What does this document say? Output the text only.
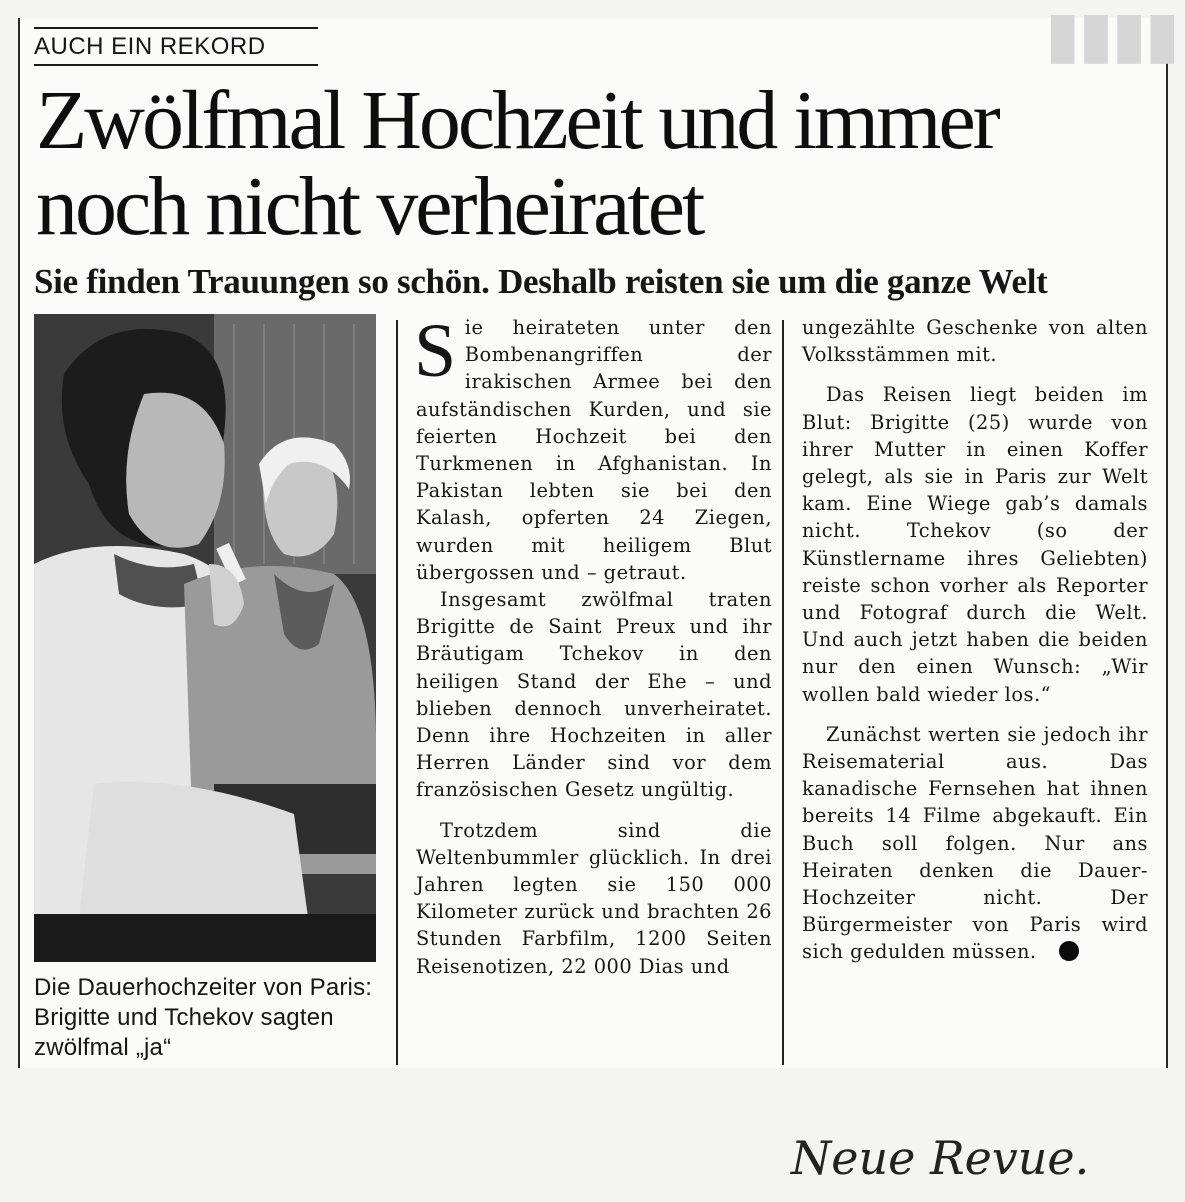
▮▮▮▮
AUCH EIN REKORD
Zwölfmal Hochzeit und immer noch nicht verheiratet
Sie finden Trauungen so schön. Deshalb reisten sie um die ganze Welt

Die Dauerhochzeiter von Paris: Brigitte und Tchekov sagten zwölfmal „ja“

Sie heirateten unter den Bombenangriffen der irakischen Armee bei den aufständischen Kurden, und sie feierten Hochzeit bei den Turkmenen in Afghanistan. In Pakistan lebten sie bei den Kalash, opferten 24 Ziegen, wurden mit heiligem Blut übergossen und – getraut.

Insgesamt zwölfmal traten Brigitte de Saint Preux und ihr Bräutigam Tchekov in den heiligen Stand der Ehe – und blieben dennoch unverheiratet. Denn ihre Hochzeiten in aller Herren Länder sind vor dem französischen Gesetz ungültig.

Trotzdem sind die Weltenbummler glücklich. In drei Jahren legten sie 150 000 Kilometer zurück und brachten 26 Stunden Farbfilm, 1200 Seiten Reisenotizen, 22 000 Dias und

ungezählte Geschenke von alten Volksstämmen mit.

Das Reisen liegt beiden im Blut: Brigitte (25) wurde von ihrer Mutter in einen Koffer gelegt, als sie in Paris zur Welt kam. Eine Wiege gab’s damals nicht. Tchekov (so der Künstlername ihres Geliebten) reiste schon vorher als Reporter und Fotograf durch die Welt. Und auch jetzt haben die beiden nur den einen Wunsch: „Wir wollen bald wieder los.“

Zunächst werten sie jedoch ihr Reisematerial aus. Das kanadische Fernsehen hat ihnen bereits 14 Filme abgekauft. Ein Buch soll folgen. Nur ans Heiraten denken die Dauer-Hochzeiter nicht. Der Bürgermeister von Paris wird sich gedulden müssen.

Neue Revue.
